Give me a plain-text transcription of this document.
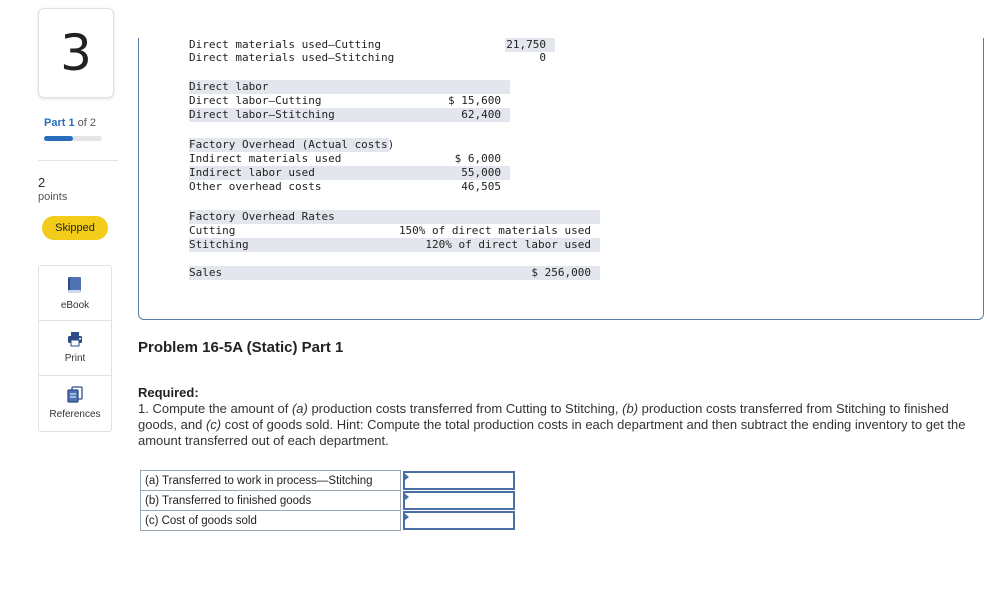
3
Part 1 of 2
2
points
Skipped
eBook
Print
References
Direct materials used—Cutting	21,750
Direct materials used—Stitching	0
Direct labor
Direct labor—Cutting	$ 15,600
Direct labor—Stitching	62,400
Factory Overhead (Actual costs)
Indirect materials used	$ 6,000
Indirect labor used	55,000
Other overhead costs	46,505
Factory Overhead Rates
Cutting	150% of direct materials used
Stitching	120% of direct labor used
Sales	$ 256,000
Problem 16-5A (Static) Part 1
Required:
1. Compute the amount of (a) production costs transferred from Cutting to Stitching, (b) production costs transferred from Stitching to finished goods, and (c) cost of goods sold. Hint: Compute the total production costs in each department and then subtract the ending inventory to get the amount transferred out of each department.
(a) Transferred to work in process—Stitching	

(b) Transferred to finished goods	

(c) Cost of goods sold	
